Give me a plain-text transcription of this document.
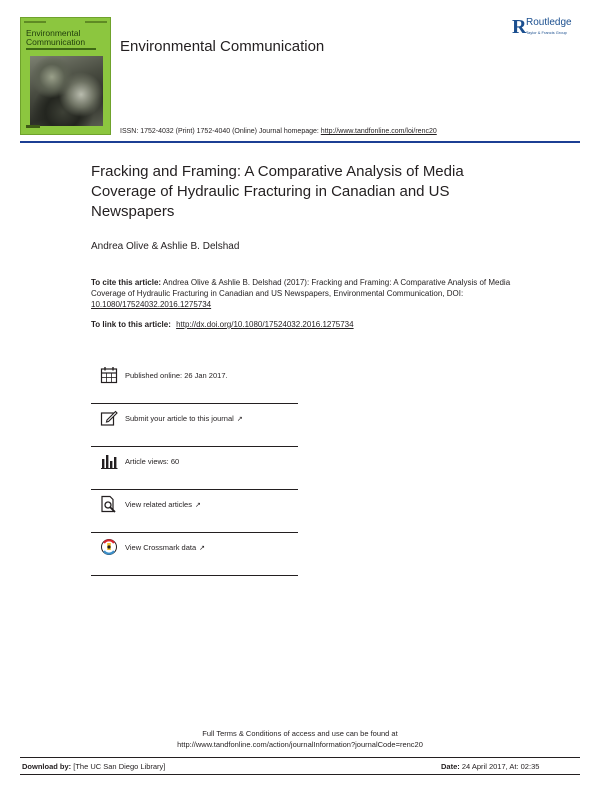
Environmental
Communication Environmental Communication
R Routledge
Taylor & Francis Group
ISSN: 1752-4032 (Print) 1752-4040 (Online) Journal homepage: http://www.tandfonline.com/loi/renc20
Fracking and Framing: A Comparative Analysis of Media Coverage of Hydraulic Fracturing in Canadian and US Newspapers
Andrea Olive & Ashlie B. Delshad
To cite this article: Andrea Olive & Ashlie B. Delshad (2017): Fracking and Framing: A Comparative Analysis of Media Coverage of Hydraulic Fracturing in Canadian and US Newspapers, Environmental Communication, DOI: 10.1080/17524032.2016.1275734
To link to this article: http://dx.doi.org/10.1080/17524032.2016.1275734
Published online: 26 Jan 2017.
Submit your article to this journal ↗
Article views: 60
View related articles ↗
View Crossmark data ↗
Full Terms & Conditions of access and use can be found at
http://www.tandfonline.com/action/journalInformation?journalCode=renc20
Download by: [The UC San Diego Library]	Date: 24 April 2017, At: 02:35
